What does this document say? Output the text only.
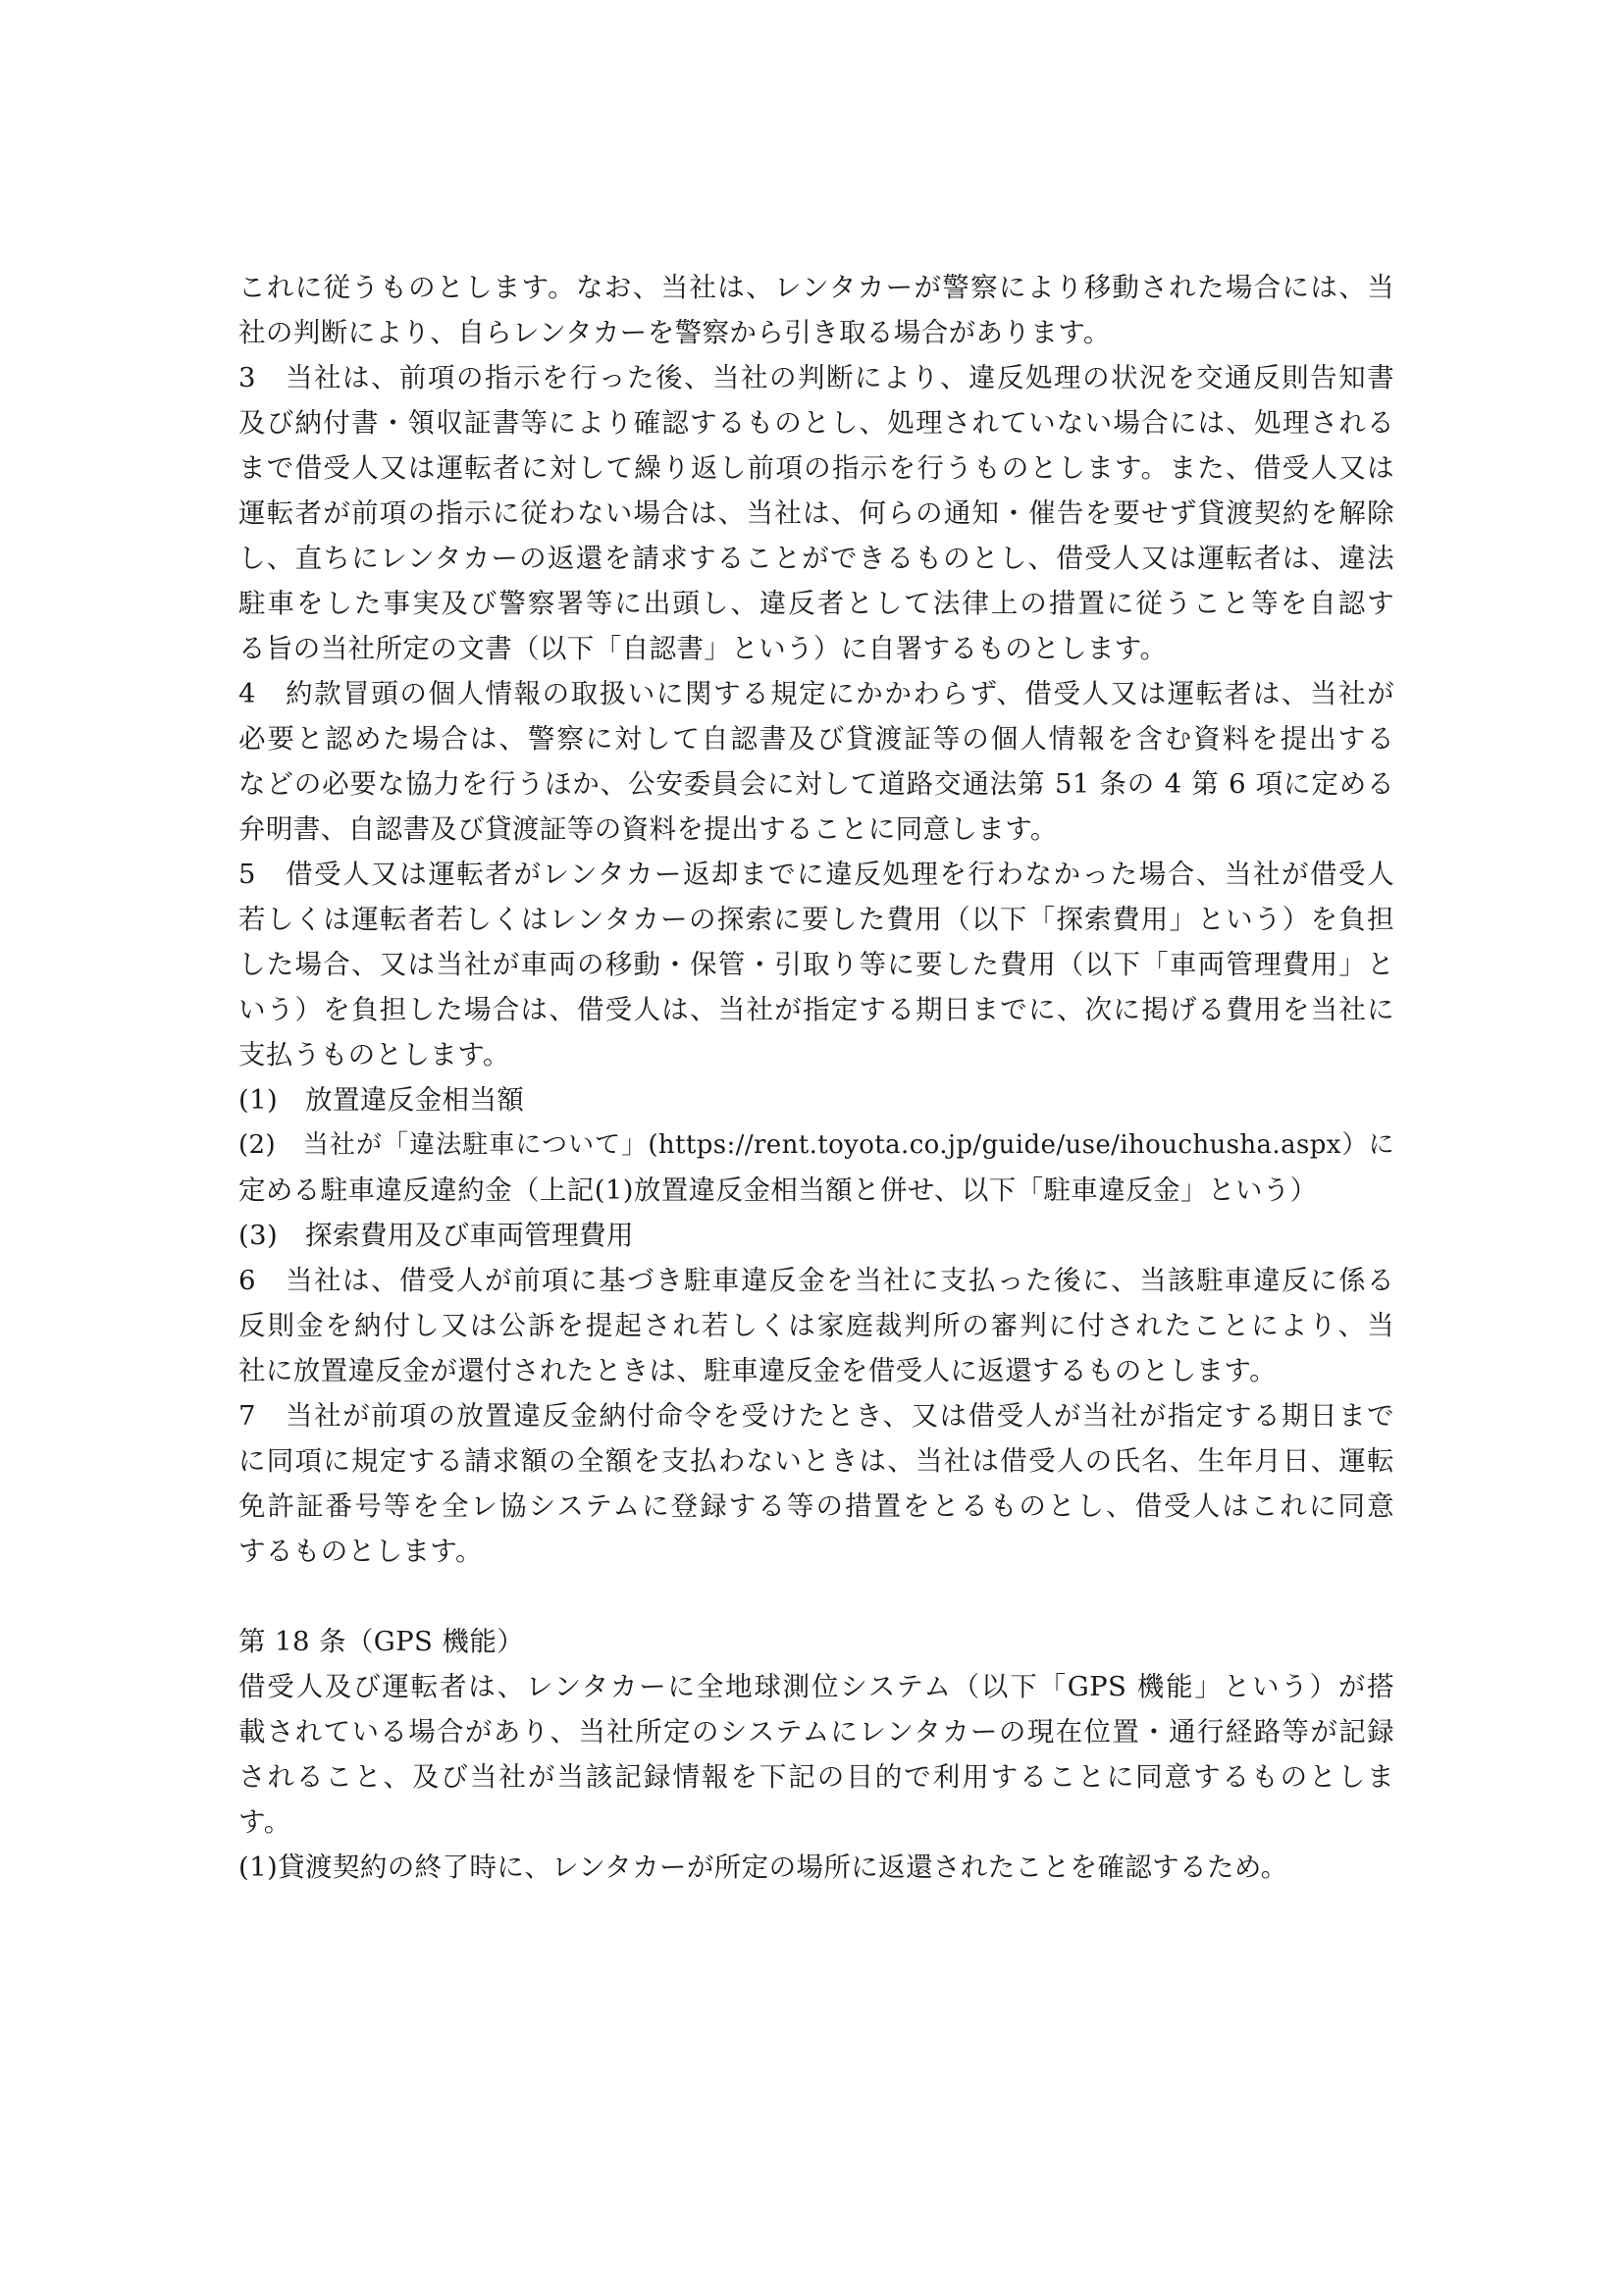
これに従うものとします。なお、当社は、レンタカーが警察により移動された場合には、当
社の判断により、自らレンタカーを警察から引き取る場合があります。
3　当社は、前項の指示を行った後、当社の判断により、違反処理の状況を交通反則告知書
及び納付書・領収証書等により確認するものとし、処理されていない場合には、処理される
まで借受人又は運転者に対して繰り返し前項の指示を行うものとします。また、借受人又は
運転者が前項の指示に従わない場合は、当社は、何らの通知・催告を要せず貸渡契約を解除
し、直ちにレンタカーの返還を請求することができるものとし、借受人又は運転者は、違法
駐車をした事実及び警察署等に出頭し、違反者として法律上の措置に従うこと等を自認す
る旨の当社所定の文書（以下「自認書」という）に自署するものとします。
4　約款冒頭の個人情報の取扱いに関する規定にかかわらず、借受人又は運転者は、当社が
必要と認めた場合は、警察に対して自認書及び貸渡証等の個人情報を含む資料を提出する
などの必要な協力を行うほか、公安委員会に対して道路交通法第 51 条の 4 第 6 項に定める
弁明書、自認書及び貸渡証等の資料を提出することに同意します。
5　借受人又は運転者がレンタカー返却までに違反処理を行わなかった場合、当社が借受人
若しくは運転者若しくはレンタカーの探索に要した費用（以下「探索費用」という）を負担
した場合、又は当社が車両の移動・保管・引取り等に要した費用（以下「車両管理費用」と
いう）を負担した場合は、借受人は、当社が指定する期日までに、次に掲げる費用を当社に
支払うものとします。
(1)　放置違反金相当額
(2)　当社が「違法駐車について」(https://rent.toyota.co.jp/guide/use/ihouchusha.aspx）に
定める駐車違反違約金（上記(1)放置違反金相当額と併せ、以下「駐車違反金」という）
(3)　探索費用及び車両管理費用
6　当社は、借受人が前項に基づき駐車違反金を当社に支払った後に、当該駐車違反に係る
反則金を納付し又は公訴を提起され若しくは家庭裁判所の審判に付されたことにより、当
社に放置違反金が還付されたときは、駐車違反金を借受人に返還するものとします。
7　当社が前項の放置違反金納付命令を受けたとき、又は借受人が当社が指定する期日まで
に同項に規定する請求額の全額を支払わないときは、当社は借受人の氏名、生年月日、運転
免許証番号等を全レ協システムに登録する等の措置をとるものとし、借受人はこれに同意
するものとします。
第 18 条（GPS 機能）
借受人及び運転者は、レンタカーに全地球測位システム（以下「GPS 機能」という）が搭
載されている場合があり、当社所定のシステムにレンタカーの現在位置・通行経路等が記録
されること、及び当社が当該記録情報を下記の目的で利用することに同意するものとしま
す。
(1)貸渡契約の終了時に、レンタカーが所定の場所に返還されたことを確認するため。
